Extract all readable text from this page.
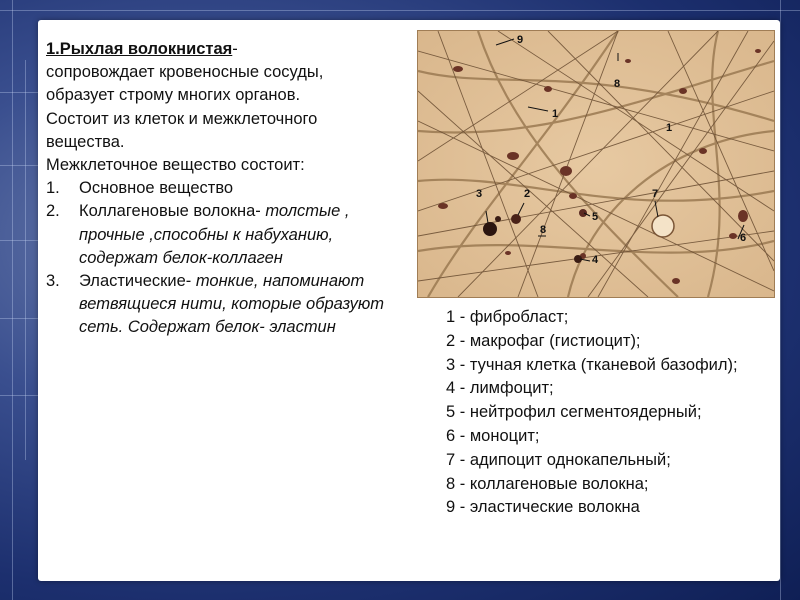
1.Рыхлая волокнистая-

сопровождает кровеносные сосуды,

образует строму многих органов.

Состоит из клеток и межклеточного

вещества.

Межклеточное вещество состоит:

1. Основное вещество
2. Коллагеновые волокна- толстые , прочные ,способны к набуханию, содержат белок-коллаген
3. Эластические- тонкие, напоминают ветвящиеся нити, которые образуют сеть. Содержат белок- эластин
9
8
1
1
3	2
5
7
8
6
4
1 - фибробласт;
2 - макрофаг (гистиоцит);
3 - тучная клетка (тканевой базофил);
4 - лимфоцит;
5 - нейтрофил сегментоядерный;
6 - моноцит;
7 - адипоцит однокапельный;
8 - коллагеновые волокна;
9 - эластические волокна
